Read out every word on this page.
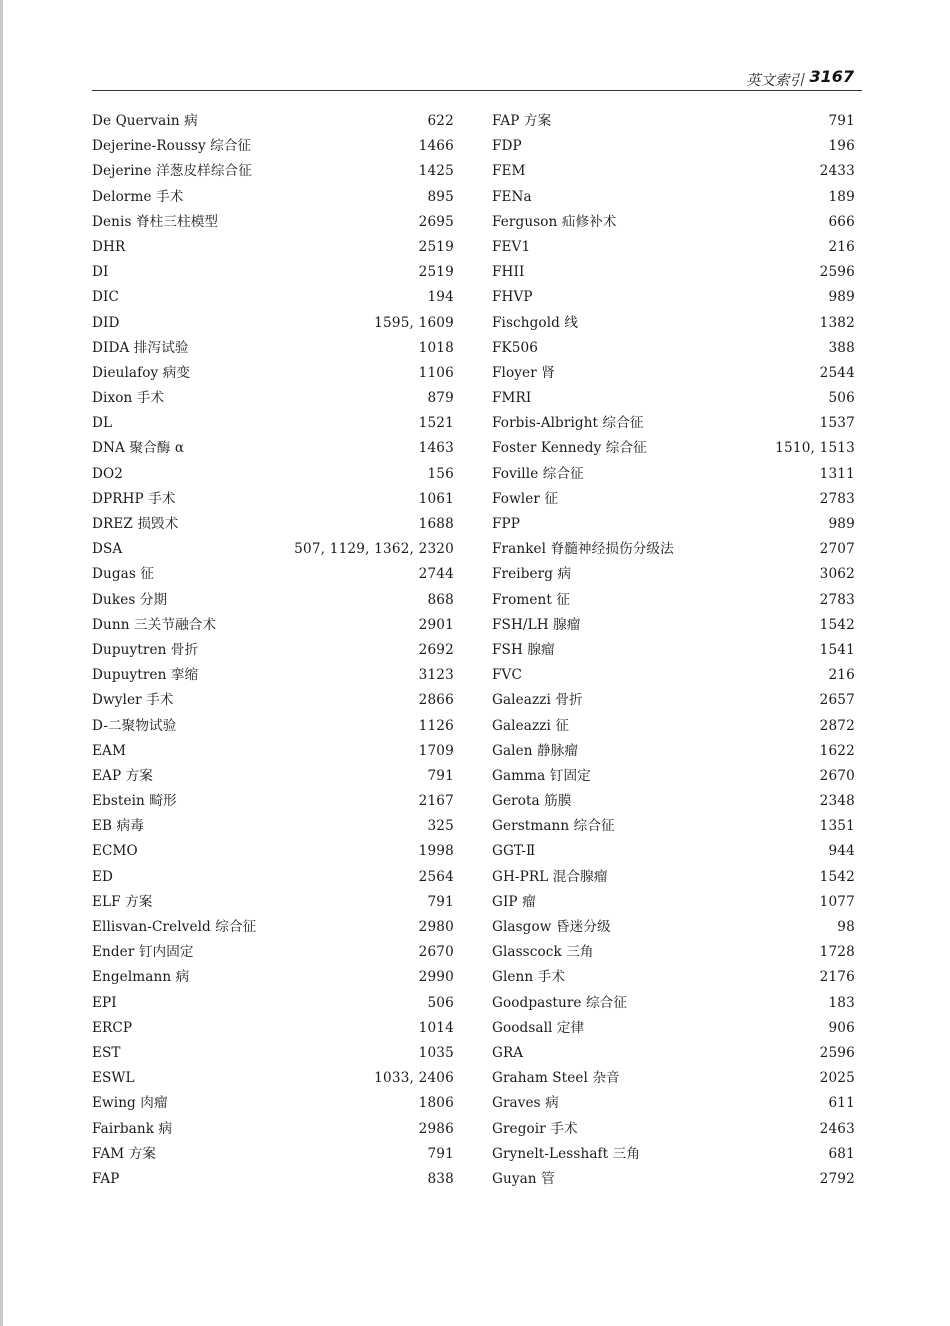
英文索引 3167
De Quervain 病	622
Dejerine-Roussy 综合征	1466
Dejerine 洋葱皮样综合征	1425
Delorme 手术	895
Denis 脊柱三柱模型	2695
DHR	2519
DI	2519
DIC	194
DID	1595, 1609
DIDA 排泻试验	1018
Dieulafoy 病变	1106
Dixon 手术	879
DL	1521
DNA 聚合酶 α	1463
DO2	156
DPRHP 手术	1061
DREZ 损毁术	1688
DSA	507, 1129, 1362, 2320
Dugas 征	2744
Dukes 分期	868
Dunn 三关节融合术	2901
Dupuytren 骨折	2692
Dupuytren 挛缩	3123
Dwyler 手术	2866
D-二聚物试验	1126
EAM	1709
EAP 方案	791
Ebstein 畸形	2167
EB 病毒	325
ECMO	1998
ED	2564
ELF 方案	791
Ellisvan-Crelveld 综合征	2980
Ender 钉内固定	2670
Engelmann 病	2990
EPI	506
ERCP	1014
EST	1035
ESWL	1033, 2406
Ewing 肉瘤	1806
Fairbank 病	2986
FAM 方案	791
FAP	838
FAP 方案	791
FDP	196
FEM	2433
FENa	189
Ferguson 疝修补术	666
FEV1	216
FHII	2596
FHVP	989
Fischgold 线	1382
FK506	388
Floyer 肾	2544
FMRI	506
Forbis-Albright 综合征	1537
Foster Kennedy 综合征	1510, 1513
Foville 综合征	1311
Fowler 征	2783
FPP	989
Frankel 脊髓神经损伤分级法	2707
Freiberg 病	3062
Froment 征	2783
FSH/LH 腺瘤	1542
FSH 腺瘤	1541
FVC	216
Galeazzi 骨折	2657
Galeazzi 征	2872
Galen 静脉瘤	1622
Gamma 钉固定	2670
Gerota 筋膜	2348
Gerstmann 综合征	1351
GGT-Ⅱ	944
GH-PRL 混合腺瘤	1542
GIP 瘤	1077
Glasgow 昏迷分级	98
Glasscock 三角	1728
Glenn 手术	2176
Goodpasture 综合征	183
Goodsall 定律	906
GRA	2596
Graham Steel 杂音	2025
Graves 病	611
Gregoir 手术	2463
Grynelt-Lesshaft 三角	681
Guyan 管	2792
